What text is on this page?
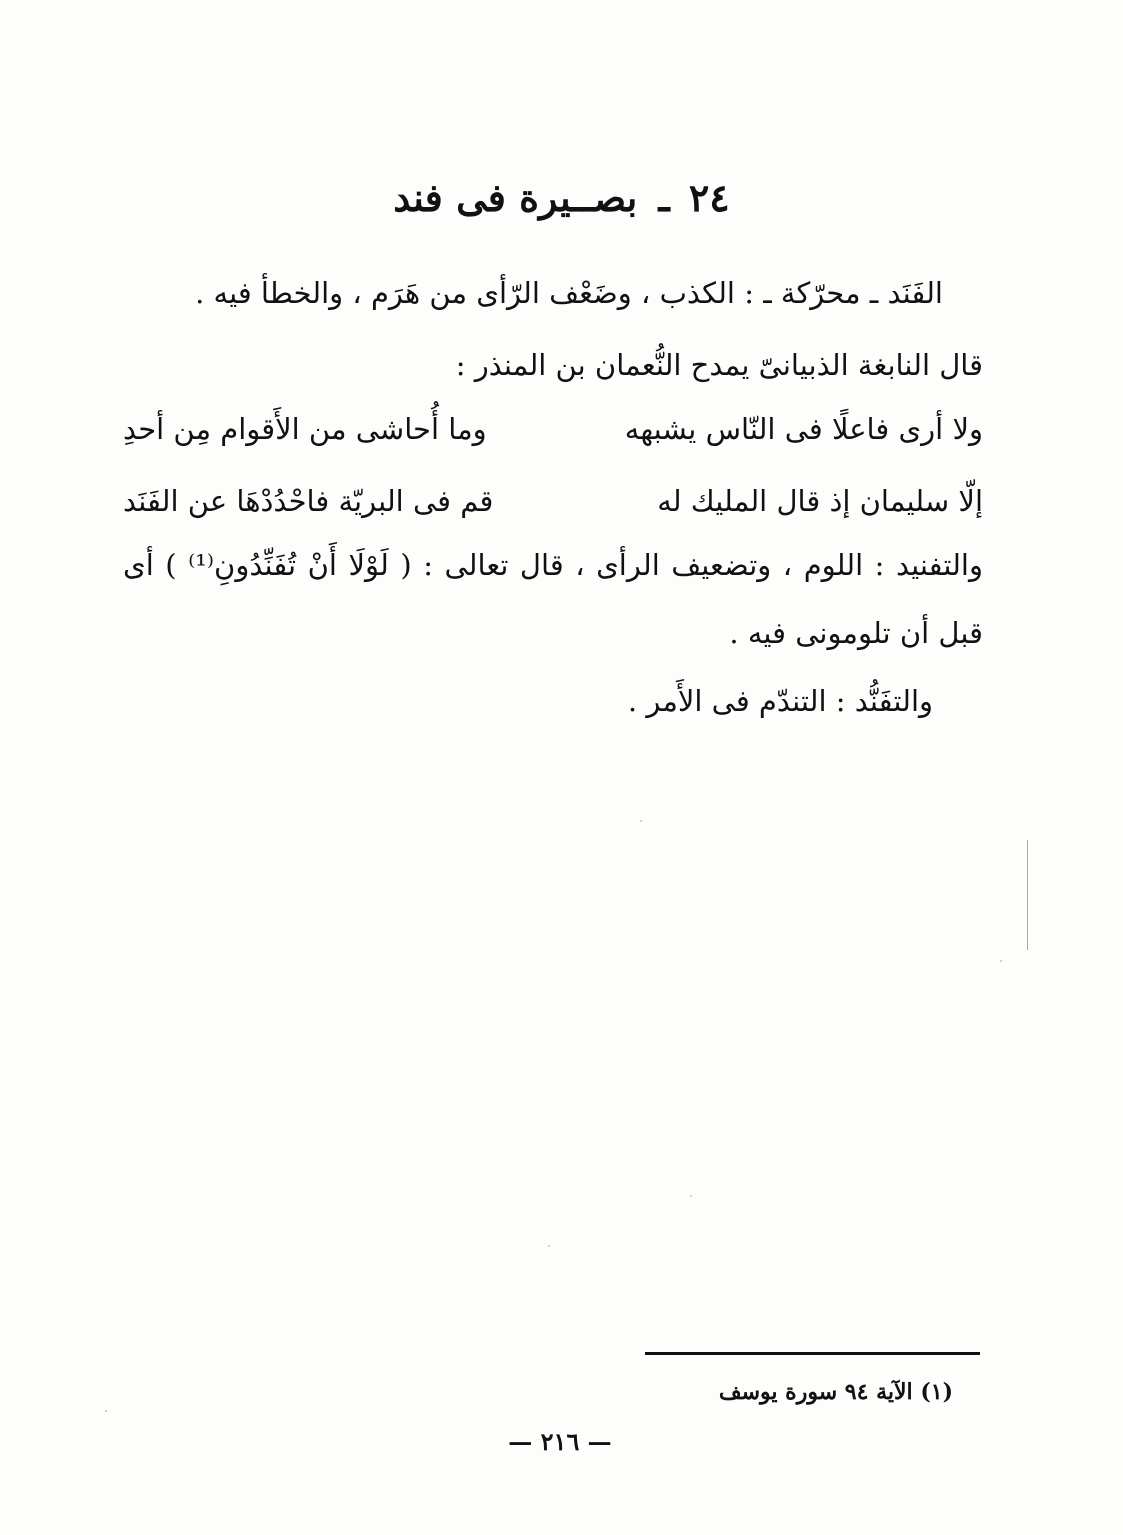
٢٤ ـ بصــيرة فى فند
الفَنَد ـ محرّكة ـ : الكذب ، وضَعْف الرّأى من هَرَم ، والخطأ فيه .
قال النابغة الذبيانىّ يمدح النُّعمان بن المنذر :
ولا أرى فاعلًا فى النّاس يشبهه
وما أُحاشى من الأَقوام مِن أحدِ
إلّا سليمان إذ قال المليك له
قم فى البريّة فاحْدُدْهَا عن الفَنَد
والتفنيد : اللوم ، وتضعيف الرأى ، قال تعالى : ( لَوْلَا أَنْ تُفَنِّدُونِ⁽¹⁾ ) أى
قبل أن تلومونى فيه .
والتفَنُّد : التندّم فى الأَمر .
(١) الآية ٩٤ سورة يوسف
— ٢١٦ —
